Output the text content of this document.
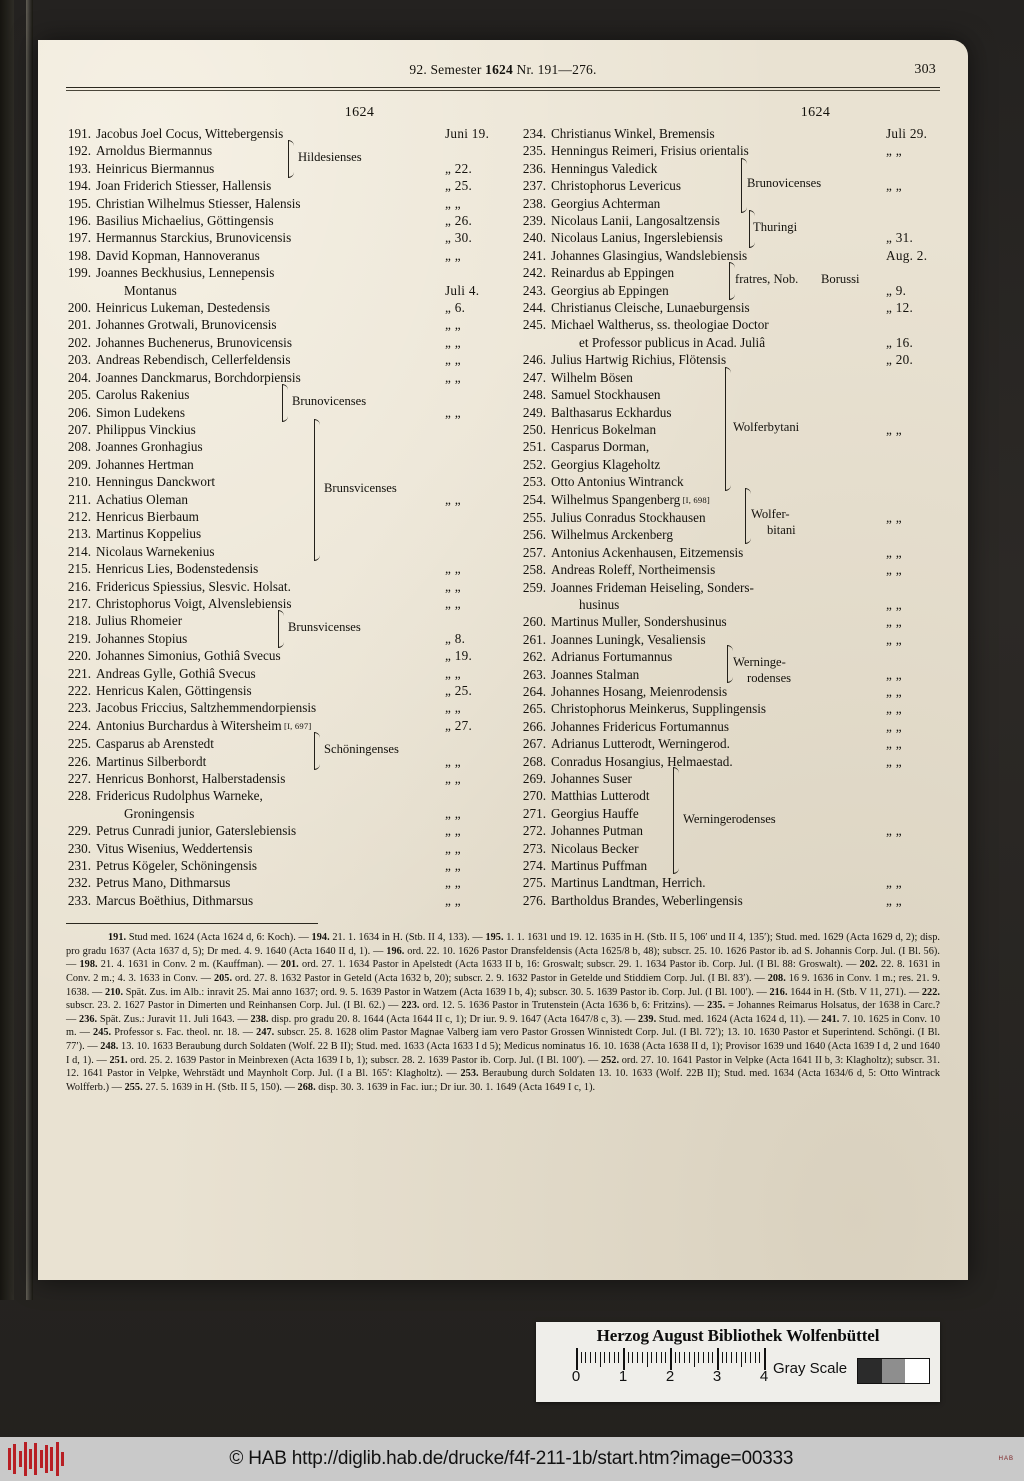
92. Semester 1624 Nr. 191—276.	303
1624
191. Jacobus Joel Cocus, Wittebergensis	Juni 19.
192. Arnoldus Biermannus
193. Heinricus Biermannus	„ 22.
194. Joan Friderich Stiesser, Hallensis	„ 25.
195. Christian Wilhelmus Stiesser, Halensis	„ „
196. Basilius Michaelius, Göttingensis	„ 26.
197. Hermannus Starckius, Brunovicensis	„ 30.
198. David Kopman, Hannoveranus	„ „
199. Joannes Beckhusius, Lennepensis
Montanus	Juli 4.
200. Heinricus Lukeman, Destedensis	„ 6.
201. Johannes Grotwali, Brunovicensis	„ „
202. Johannes Buchenerus, Brunovicensis	„ „
203. Andreas Rebendisch, Cellerfeldensis	„ „
204. Joannes Danckmarus, Borchdorpiensis	„ „
205. Carolus Rakenius
206. Simon Ludekens	„ „
207. Philippus Vinckius
208. Joannes Gronhagius
209. Johannes Hertman
210. Henningus Danckwort
211. Achatius Oleman	„ „
212. Henricus Bierbaum
213. Martinus Koppelius
214. Nicolaus Warnekenius
215. Henricus Lies, Bodenstedensis	„ „
216. Fridericus Spiessius, Slesvic. Holsat.	„ „
217. Christophorus Voigt, Alvenslebiensis	„ „
218. Julius Rhomeier
219. Johannes Stopius	„ 8.
220. Johannes Simonius, Gothiâ Svecus	„ 19.
221. Andreas Gylle, Gothiâ Svecus	„ „
222. Henricus Kalen, Göttingensis	„ 25.
223. Jacobus Friccius, Saltzhemmendorpiensis	„ „
224. Antonius Burchardus à Witersheim [I, 697]	„ 27.
225. Casparus ab Arenstedt
226. Martinus Silberbordt	„ „
227. Henricus Bonhorst, Halberstadensis	„ „
228. Fridericus Rudolphus Warneke,
Groningensis	„ „
229. Petrus Cunradi junior, Gaterslebiensis	„ „
230. Vitus Wisenius, Weddertensis	„ „
231. Petrus Kögeler, Schöningensis	„ „
232. Petrus Mano, Dithmarsus	„ „
233. Marcus Boëthius, Dithmarsus	„ „
Hildesienses
Brunovicenses
Brunsvicenses
Brunsvicenses
Schöningenses
1624
234. Christianus Winkel, Bremensis	Juli 29.
235. Henningus Reimeri, Frisius orientalis	„ „
236. Henningus Valedick
237. Christophorus Levericus	„ „
238. Georgius Achterman
239. Nicolaus Lanii, Langosaltzensis
240. Nicolaus Lanius, Ingerslebiensis	„ 31.
241. Johannes Glasingius, Wandslebiensis	Aug. 2.
242. Reinardus ab Eppingen
243. Georgius ab Eppingen	„ 9.
244. Christianus Cleische, Lunaeburgensis	„ 12.
245. Michael Waltherus, ss. theologiae Doctor
et Professor publicus in Acad. Juliâ	„ 16.
246. Julius Hartwig Richius, Flötensis	„ 20.
247. Wilhelm Bösen
248. Samuel Stockhausen
249. Balthasarus Eckhardus
250. Henricus Bokelman	„ „
251. Casparus Dorman,
252. Georgius Klageholtz
253. Otto Antonius Wintranck
254. Wilhelmus Spangenberg [I, 698]
255. Julius Conradus Stockhausen	„ „
256. Wilhelmus Arckenberg
257. Antonius Ackenhausen, Eitzemensis	„ „
258. Andreas Roleff, Northeimensis	„ „
259. Joannes Frideman Heiseling, Sonders-
husinus	„ „
260. Martinus Muller, Sondershusinus	„ „
261. Joannes Luningk, Vesaliensis	„ „
262. Adrianus Fortumannus
263. Joannes Stalman	„ „
264. Johannes Hosang, Meienrodensis	„ „
265. Christophorus Meinkerus, Supplingensis	„ „
266. Johannes Fridericus Fortumannus	„ „
267. Adrianus Lutterodt, Werningerod.	„ „
268. Conradus Hosangius, Helmaestad.	„ „
269. Johannes Suser
270. Matthias Lutterodt
271. Georgius Hauffe
272. Johannes Putman	„ „
273. Nicolaus Becker
274. Martinus Puffman
275. Martinus Landtman, Herrich.	„ „
276. Bartholdus Brandes, Weberlingensis	„ „
Brunovicenses
Thuringi
fratres, Nob. Borussi
Wolferbytani
Wolfer-
bitani
Werninge-
rodenses
Werningerodenses
191. Stud med. 1624 (Acta 1624 d, 6: Koch). — 194. 21. 1. 1634 in H. (Stb. II 4, 133). — 195. 1. 1. 1631 und 19. 12. 1635 in H. (Stb. II 5, 106′ und II 4, 135′); Stud. med. 1629 (Acta 1629 d, 2); disp. pro gradu 1637 (Acta 1637 d, 5); Dr med. 4. 9. 1640 (Acta 1640 II d, 1). — 196. ord. 22. 10. 1626 Pastor Dransfeldensis (Acta 1625/8 b, 48); subscr. 25. 10. 1626 Pastor ib. ad S. Johannis Corp. Jul. (I Bl. 56). — 198. 21. 4. 1631 in Conv. 2 m. (Kauffman). — 201. ord. 27. 1. 1634 Pastor in Apelstedt (Acta 1633 II b, 16: Groswalt; subscr. 29. 1. 1634 Pastor ib. Corp. Jul. (I Bl. 88: Groswalt). — 202. 22. 8. 1631 in Conv. 2 m.; 4. 3. 1633 in Conv. — 205. ord. 27. 8. 1632 Pastor in Geteld (Acta 1632 b, 20); subscr. 2. 9. 1632 Pastor in Getelde und Stiddiem Corp. Jul. (I Bl. 83′). — 208. 16 9. 1636 in Conv. 1 m.; res. 21. 9. 1638. — 210. Spät. Zus. im Alb.: inravit 25. Mai anno 1637; ord. 9. 5. 1639 Pastor in Watzem (Acta 1639 I b, 4); subscr. 30. 5. 1639 Pastor ib. Corp. Jul. (I Bl. 100′). — 216. 1644 in H. (Stb. V 11, 271). — 222. subscr. 23. 2. 1627 Pastor in Dimerten und Reinhansen Corp. Jul. (I Bl. 62.) — 223. ord. 12. 5. 1636 Pastor in Trutenstein (Acta 1636 b, 6: Fritzins). — 235. = Johannes Reimarus Holsatus, der 1638 in Carc.? — 236. Spät. Zus.: Juravit 11. Juli 1643. — 238. disp. pro gradu 20. 8. 1644 (Acta 1644 II c, 1); Dr iur. 9. 9. 1647 (Acta 1647/8 c, 3). — 239. Stud. med. 1624 (Acta 1624 d, 11). — 241. 7. 10. 1625 in Conv. 10 m. — 245. Professor s. Fac. theol. nr. 18. — 247. subscr. 25. 8. 1628 olim Pastor Magnae Valberg iam vero Pastor Grossen Winnistedt Corp. Jul. (I Bl. 72′); 13. 10. 1630 Pastor et Superintend. Schöngi. (I Bl. 77′). — 248. 13. 10. 1633 Beraubung durch Soldaten (Wolf. 22 B II); Stud. med. 1633 (Acta 1633 I d 5); Medicus nominatus 16. 10. 1638 (Acta 1638 II d, 1); Provisor 1639 und 1640 (Acta 1639 I d, 2 und 1640 I d, 1). — 251. ord. 25. 2. 1639 Pastor in Meinbrexen (Acta 1639 I b, 1); subscr. 28. 2. 1639 Pastor ib. Corp. Jul. (I Bl. 100′). — 252. ord. 27. 10. 1641 Pastor in Velpke (Acta 1641 II b, 3: Klagholtz); subscr. 31. 12. 1641 Pastor in Velpke, Wehrstädt und Maynholt Corp. Jul. (I a Bl. 165′: Klagholtz). — 253. Beraubung durch Soldaten 13. 10. 1633 (Wolf. 22B II); Stud. med. 1634 (Acta 1634/6 d, 5: Otto Wintrack Wolfferb.) — 255. 27. 5. 1639 in H. (Stb. II 5, 150). — 268. disp. 30. 3. 1639 in Fac. iur.; Dr iur. 30. 1. 1649 (Acta 1649 I c, 1).
Herzog August Bibliothek Wolfenbüttel
0	1	2	3	4 Gray Scale
© HAB http://diglib.hab.de/drucke/f4f-211-1b/start.htm?image=00333	HAB
